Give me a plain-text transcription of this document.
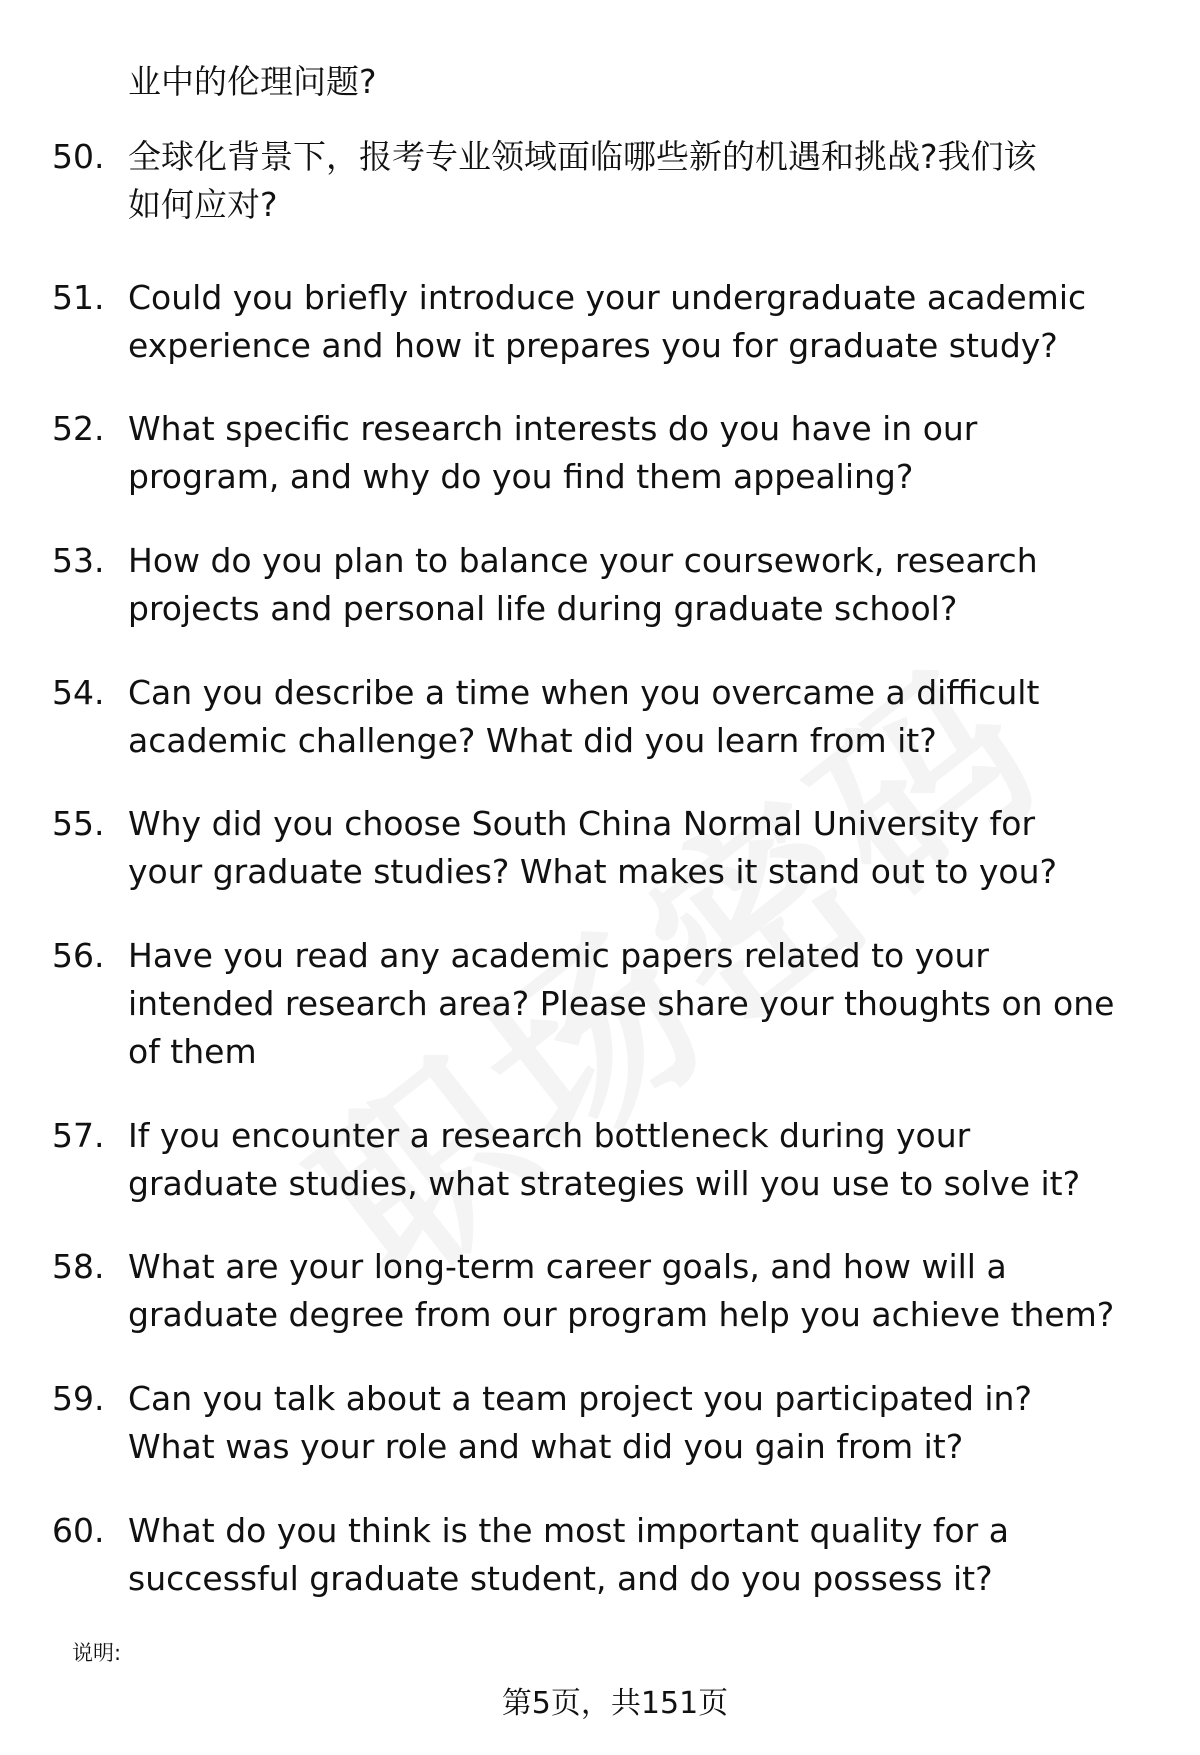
业中的伦理问题?
50. 全球化背景下，报考专业领域面临哪些新的机遇和挑战?我们该
如何应对?
51. Could you briefly introduce your undergraduate academic
experience and how it prepares you for graduate study?
52. What specific research interests do you have in our
program, and why do you find them appealing?
53. How do you plan to balance your coursework, research
projects and personal life during graduate school?
54. Can you describe a time when you overcame a difficult
academic challenge? What did you learn from it?
55. Why did you choose South China Normal University for
your graduate studies? What makes it stand out to you?
56. Have you read any academic papers related to your
intended research area? Please share your thoughts on one
of them
57. If you encounter a research bottleneck during your
graduate studies, what strategies will you use to solve it?
58. What are your long-term career goals, and how will a
graduate degree from our program help you achieve them?
59. Can you talk about a team project you participated in?
What was your role and what did you gain from it?
60. What do you think is the most important quality for a
successful graduate student, and do you possess it?
说明:
第5页，共151页
